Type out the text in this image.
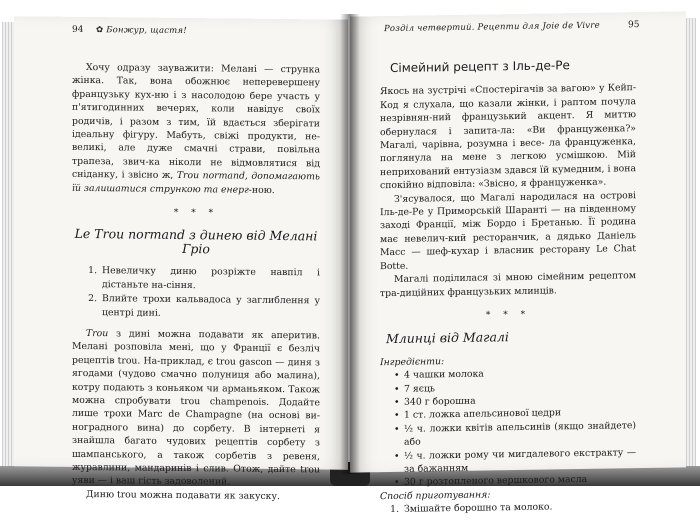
94 ✿ Бонжур, щастя!

Хочу одразу зауважити: Мелані — струнка жінка. Так, вона обожнює неперевершену французьку кух-ню і з насолодою бере участь у п'ятигодинних вечерях, коли навідує своїх родичів, і разом з тим, їй вдається зберігати ідеальну фігуру. Мабуть, свіжі продукти, не-великі, але дуже смачні страви, повільна трапеза, звич-ка ніколи не відмовлятися від сніданку, і звісно ж, Trou normand, допомагають їй залишатися стрункою та енерг-ною.

* * *
Le Trou normand з динею від Мелані Гріо
1. Невеличку диню розріжте навпіл і дістаньте на-сіння.
2. Влийте трохи кальвадоса у заглиблення у центрі дині.

Trou з дині можна подавати як аперитив. Мелані розповіла мені, що у Франції є безліч рецептів trou. На-приклад, є trou gascon — диня з ягодами (чудово смачно полуниця або малина), котру подають з коньяком чи арманьяком. Також можна спробувати trou champenois. Додайте лише трохи Marc de Champagne (на основі ви-ноградного вина) до сорбету. В інтернеті я знайшла багато чудових рецептів сорбету з шампанського, а також сорбетів з ревеня, журавлини, мандаринів і слив. Отож, дайте trou уяви — і ваш гість задоволений.

Диню trou можна подавати як закуску.

Розділ четвертий. Рецепти для Joie de Vivre	95
Сімейний рецепт з Іль-де-Ре

Якось на зустрічі «Спостерігачів за вагою» у Кейп-Код я слухала, що казали жінки, і раптом почула незрівнян-ний французький акцент. Я миттю обернулася і запита-ла: «Ви француженка?» Магалі, чарівна, розумна і весе- ла француженка, поглянула на мене з легкою усмішкою. Мій неприхований ентузіазм здався їй кумедним, і вона спокійно відповіла: «Звісно, я француженка».

З'ясувалося, що Магалі народилася на острові Іль-де-Ре у Приморській Шаранті — на південному заході Франції, між Бордо і Бретанью. Її родина має невелич-кий ресторанчик, а дядько Даніель Масс — шеф-кухар і власник ресторану Le Chat Botte.

Магалі поділилася зі мною сімейним рецептом тра-диційних французьких млинців.

* * *
Млинці від Магалі
Інгредієнти:
• 4 чашки молока
• 7 яєць
• 340 г борошна
• 1 ст. ложка апельсинової цедри
• ½ ч. ложки квітів апельсинів (якщо знайдете) або
• ½ ч. ложки рому чи мигдалевого екстракту — за бажанням
• 30 г розтопленого вершкового масла
Спосіб приготування:
1. Змішайте борошно та молоко.
